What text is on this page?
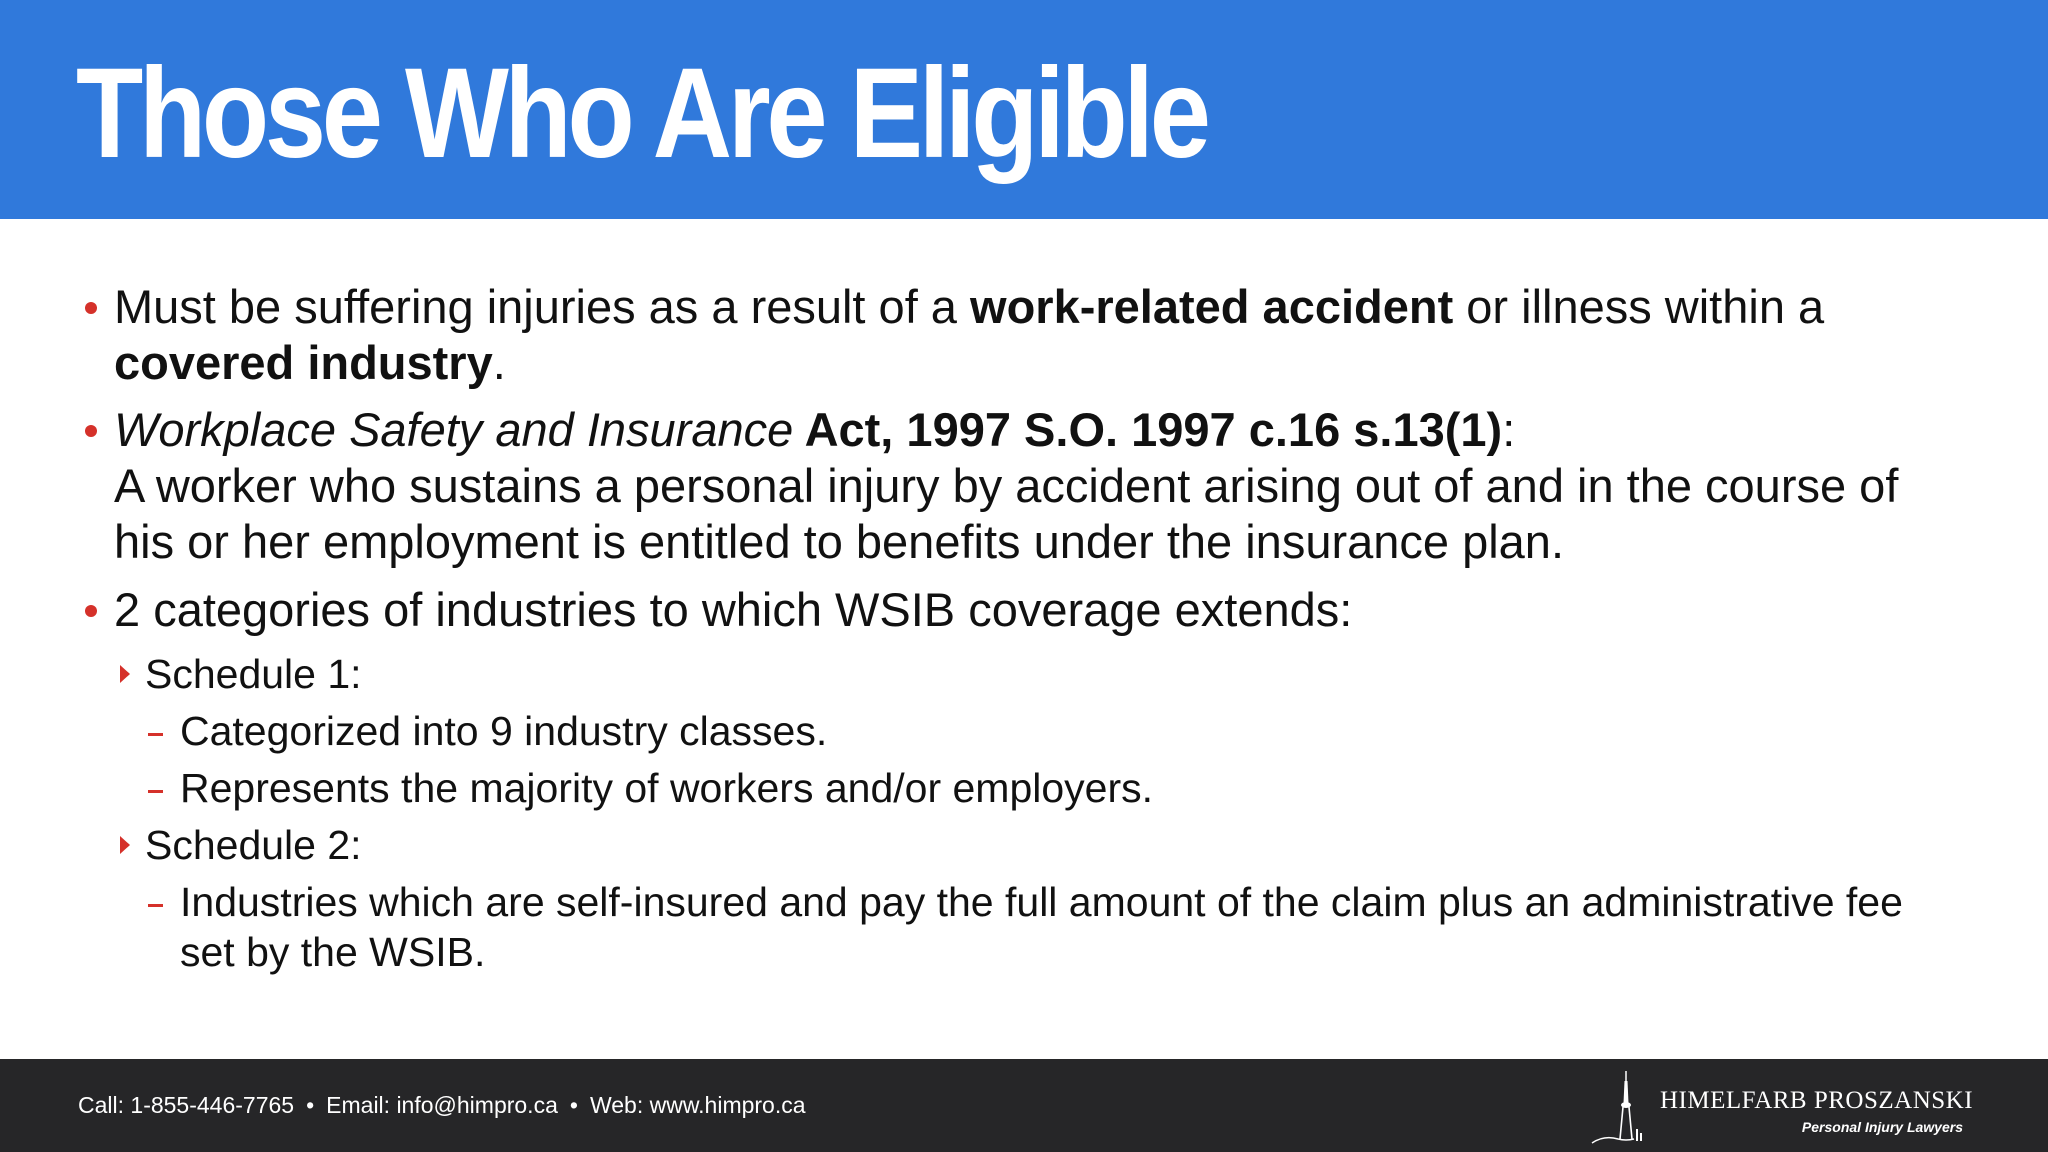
Those Who Are Eligible
Must be suffering injuries as a result of a work-related accident or illness within a
covered industry.
Workplace Safety and Insurance Act, 1997 S.O. 1997 c.16 s.13(1):
A worker who sustains a personal injury by accident arising out of and in the course of
his or her employment is entitled to benefits under the insurance plan.
2 categories of industries to which WSIB coverage extends:
Schedule 1:
Categorized into 9 industry classes.
Represents the majority of workers and/or employers.
Schedule 2:
Industries which are self-insured and pay the full amount of the claim plus an administrative fee
set by the WSIB.
Call: 1-855-446-7765 • Email: info@himpro.ca • Web: www.himpro.ca	HIMELFARB PROSZANSKI
Personal Injury Lawyers
